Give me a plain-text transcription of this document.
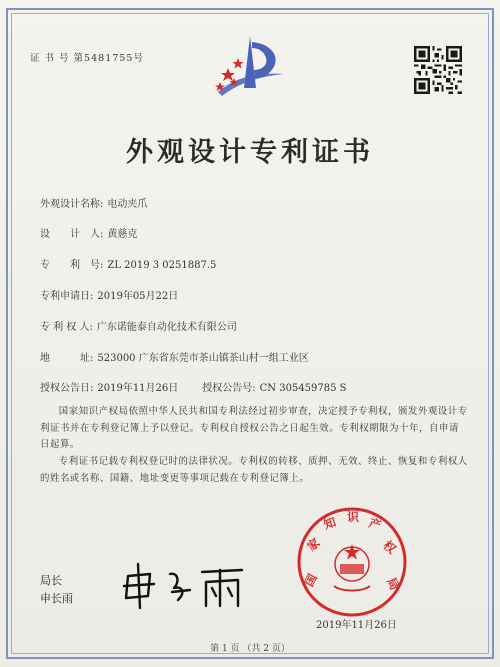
证 书 号 第5481755号
外观设计专利证书
外观设计名称: 电动夹爪
设　　计　人: 黄慈克
专　　利　号: ZL 2019 3 0251887.5
专利申请日: 2019年05月22日
专 利 权 人: 广东诺能泰自动化技术有限公司
地　　　址: 523000 广东省东莞市茶山镇茶山村一组工业区
授权公告日: 2019年11月26日 授权公告号: CN 305459785 S
国家知识产权局依照中华人民共和国专利法经过初步审查，决定授予专利权，颁发外观设计专利证书并在专利登记簿上予以登记。专利权自授权公告之日起生效。专利权期限为十年，自申请日起算。
专利证书记载专利权登记时的法律状况。专利权的转移、质押、无效、终止、恢复和专利权人的姓名或名称、国籍、地址变更等事项记载在专利登记簿上。
局长
申长雨
国
家
知 识 产
权
局
2019年11月26日
第 1 页 （共 2 页）
